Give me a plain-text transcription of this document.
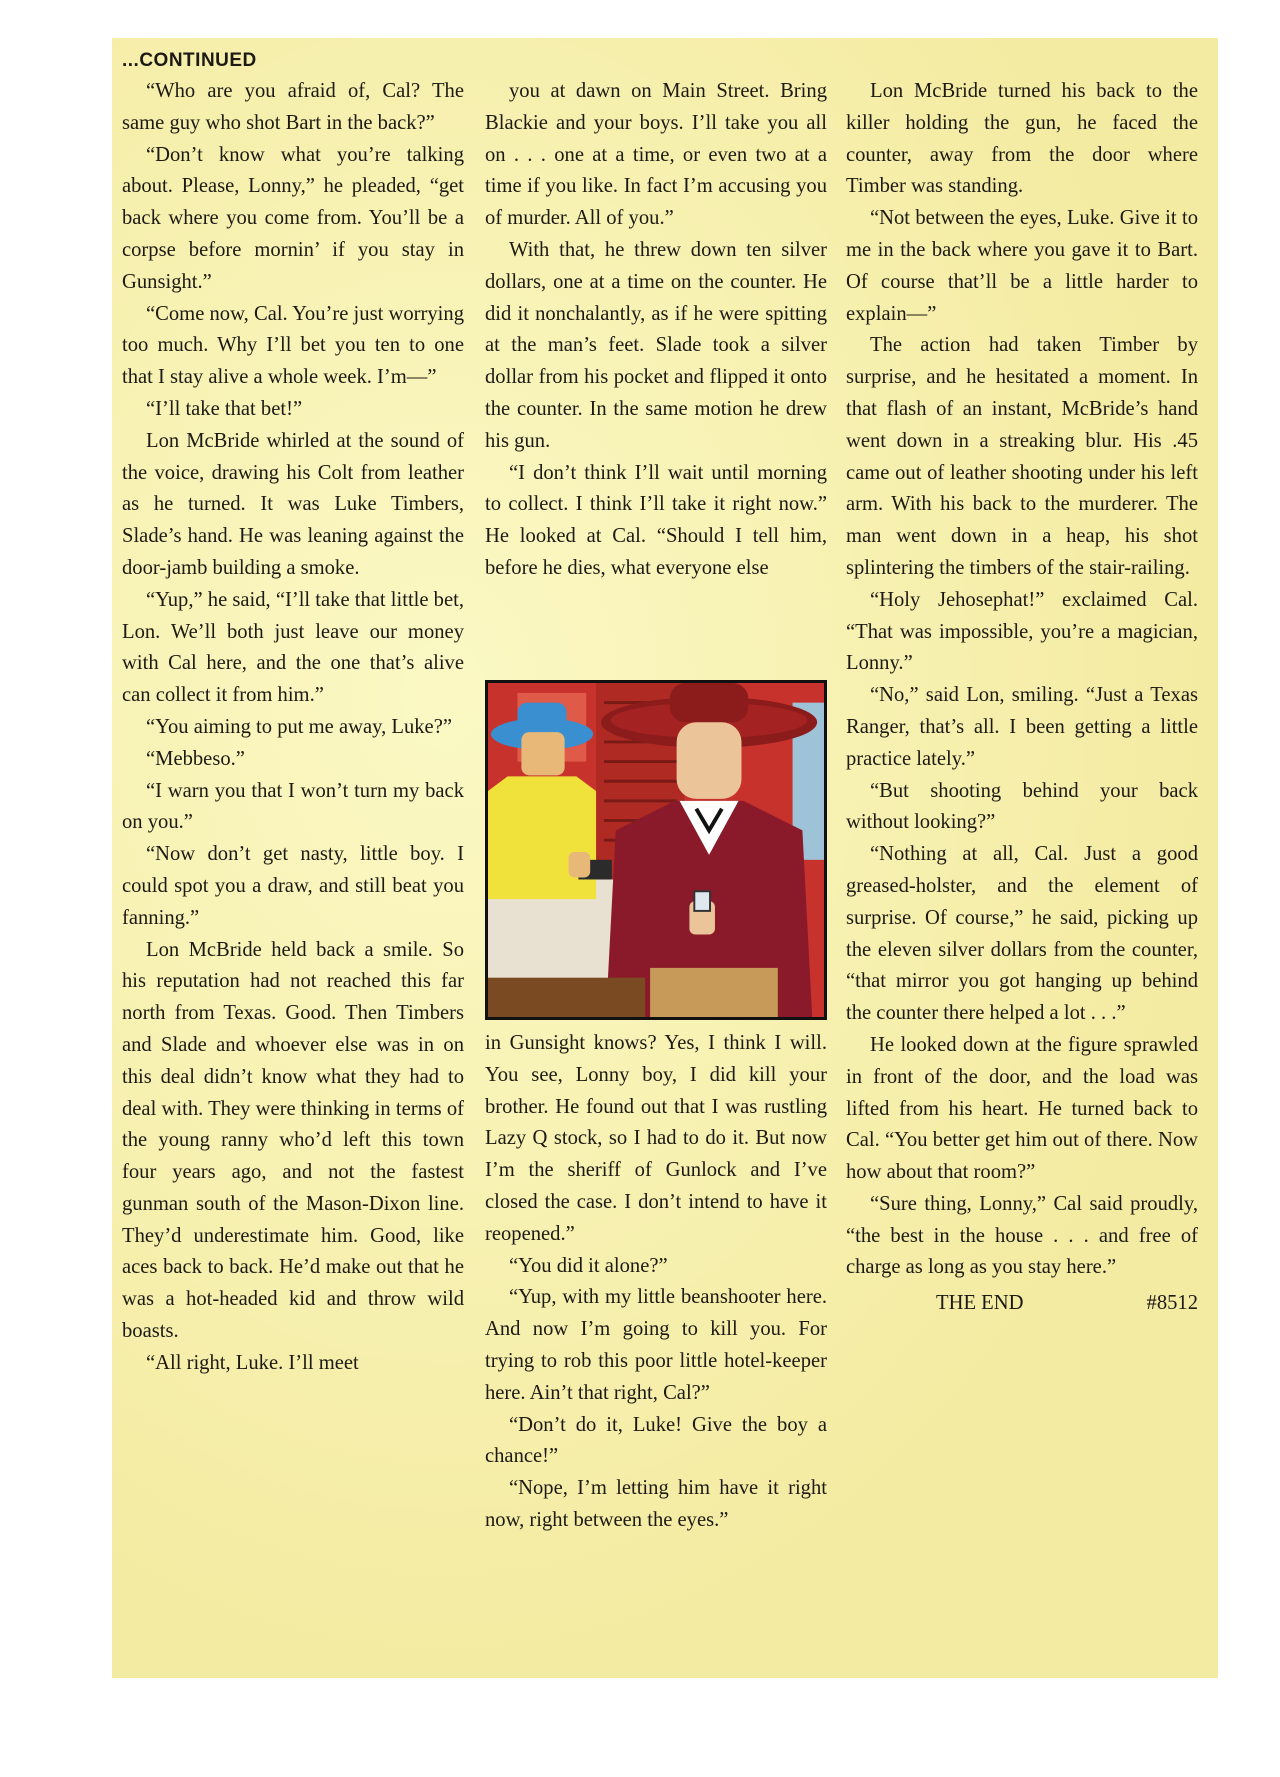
...CONTINUED

“Who are you afraid of, Cal? The same guy who shot Bart in the back?”

“Don’t know what you’re talking about. Please, Lonny,” he pleaded, “get back where you come from. You’ll be a corpse before mornin’ if you stay in Gunsight.”

“Come now, Cal. You’re just worrying too much. Why I’ll bet you ten to one that I stay alive a whole week. I’m—”

“I’ll take that bet!”

Lon McBride whirled at the sound of the voice, drawing his Colt from leather as he turned. It was Luke Timbers, Slade’s hand. He was leaning against the door-jamb building a smoke.

“Yup,” he said, “I’ll take that little bet, Lon. We’ll both just leave our money with Cal here, and the one that’s alive can collect it from him.”

“You aiming to put me away, Luke?”

“Mebbeso.”

“I warn you that I won’t turn my back on you.”

“Now don’t get nasty, little boy. I could spot you a draw, and still beat you fanning.”

Lon McBride held back a smile. So his reputation had not reached this far north from Texas. Good. Then Timbers and Slade and whoever else was in on this deal didn’t know what they had to deal with. They were thinking in terms of the young ranny who’d left this town four years ago, and not the fastest gunman south of the Mason-Dixon line. They’d underestimate him. Good, like aces back to back. He’d make out that he was a hot-headed kid and throw wild boasts.

“All right, Luke. I’ll meet

you at dawn on Main Street. Bring Blackie and your boys. I’ll take you all on . . . one at a time, or even two at a time if you like. In fact I’m accusing you of murder. All of you.”

With that, he threw down ten silver dollars, one at a time on the counter. He did it nonchalantly, as if he were spitting at the man’s feet. Slade took a silver dollar from his pocket and flipped it onto the counter. In the same motion he drew his gun.

“I don’t think I’ll wait until morning to collect. I think I’ll take it right now.” He looked at Cal. “Should I tell him, before he dies, what everyone else

in Gunsight knows? Yes, I think I will. You see, Lonny boy, I did kill your brother. He found out that I was rustling Lazy Q stock, so I had to do it. But now I’m the sheriff of Gunlock and I’ve closed the case. I don’t intend to have it reopened.”

“You did it alone?”

“Yup, with my little beanshooter here. And now I’m going to kill you. For trying to rob this poor little hotel-keeper here. Ain’t that right, Cal?”

“Don’t do it, Luke! Give the boy a chance!”

“Nope, I’m letting him have it right now, right between the eyes.”

Lon McBride turned his back to the killer holding the gun, he faced the counter, away from the door where Timber was standing.

“Not between the eyes, Luke. Give it to me in the back where you gave it to Bart. Of course that’ll be a little harder to explain—”

The action had taken Timber by surprise, and he hesitated a moment. In that flash of an instant, McBride’s hand went down in a streaking blur. His .45 came out of leather shooting under his left arm. With his back to the murderer. The man went down in a heap, his shot splintering the timbers of the stair-railing.

“Holy Jehosephat!” exclaimed Cal. “That was impossible, you’re a magician, Lonny.”

“No,” said Lon, smiling. “Just a Texas Ranger, that’s all. I been getting a little practice lately.”

“But shooting behind your back without looking?”

“Nothing at all, Cal. Just a good greased-holster, and the element of surprise. Of course,” he said, picking up the eleven silver dollars from the counter, “that mirror you got hanging up behind the counter there helped a lot . . .”

He looked down at the figure sprawled in front of the door, and the load was lifted from his heart. He turned back to Cal. “You better get him out of there. Now how about that room?”

“Sure thing, Lonny,” Cal said proudly, “the best in the house . . . and free of charge as long as you stay here.”

THE END	#8512
